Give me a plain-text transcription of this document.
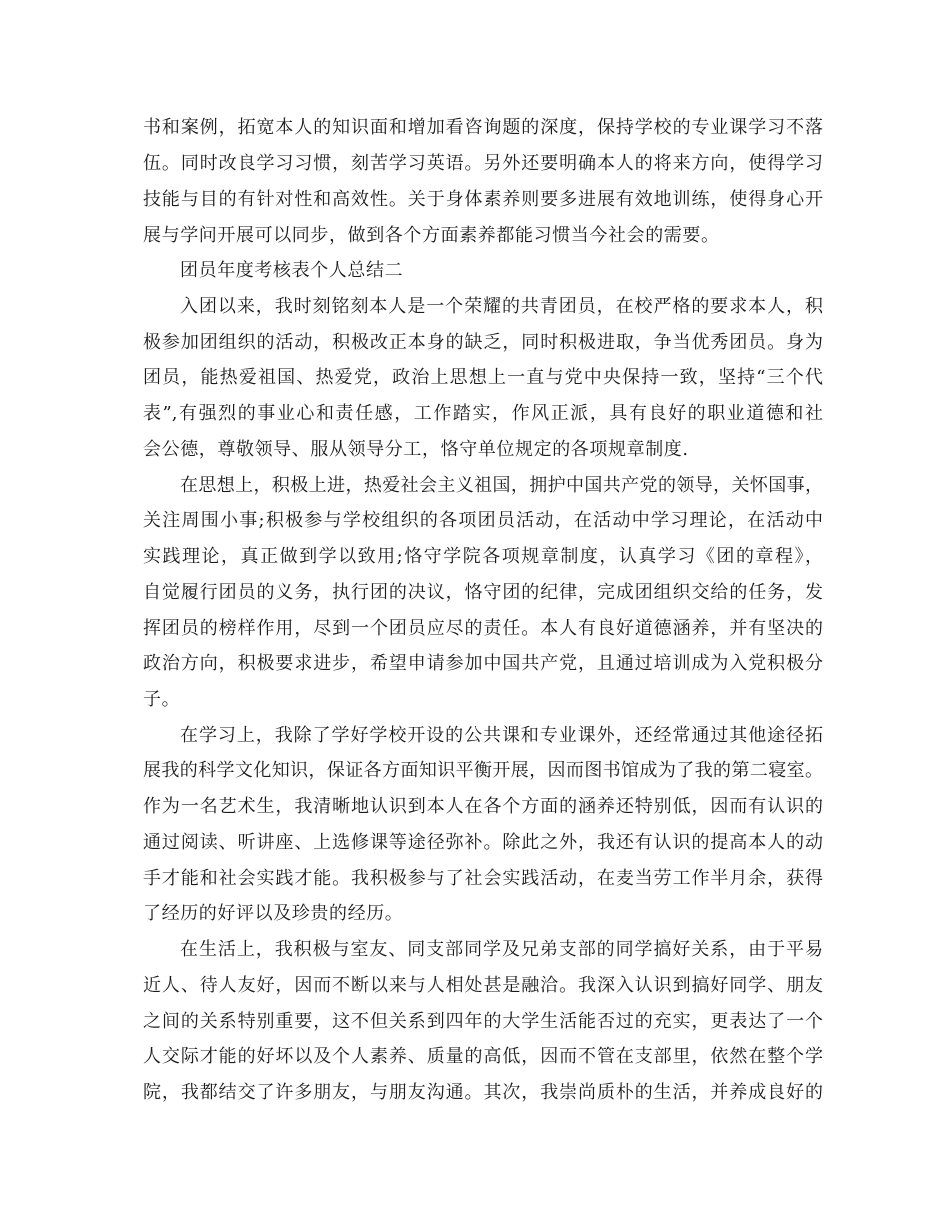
书和案例，拓宽本人的知识面和增加看咨询题的深度，保持学校的专业课学习不落
伍。同时改良学习习惯，刻苦学习英语。另外还要明确本人的将来方向，使得学习
技能与目的有针对性和高效性。关于身体素养则要多进展有效地训练，使得身心开
展与学问开展可以同步，做到各个方面素养都能习惯当今社会的需要。
团员年度考核表个人总结二
入团以来，我时刻铭刻本人是一个荣耀的共青团员，在校严格的要求本人，积
极参加团组织的活动，积极改正本身的缺乏，同时积极进取，争当优秀团员。身为
团员，能热爱祖国、热爱党，政治上思想上一直与党中央保持一致，坚持“三个代
表”,有强烈的事业心和责任感，工作踏实，作风正派，具有良好的职业道德和社
会公德，尊敬领导、服从领导分工，恪守单位规定的各项规章制度.
在思想上，积极上进，热爱社会主义祖国，拥护中国共产党的领导，关怀国事，
关注周围小事;积极参与学校组织的各项团员活动，在活动中学习理论，在活动中
实践理论，真正做到学以致用;恪守学院各项规章制度，认真学习《团的章程》，
自觉履行团员的义务，执行团的决议，恪守团的纪律，完成团组织交给的任务，发
挥团员的榜样作用，尽到一个团员应尽的责任。本人有良好道德涵养，并有坚决的
政治方向，积极要求进步，希望申请参加中国共产党，且通过培训成为入党积极分
子。
在学习上，我除了学好学校开设的公共课和专业课外，还经常通过其他途径拓
展我的科学文化知识，保证各方面知识平衡开展，因而图书馆成为了我的第二寝室。
作为一名艺术生，我清晰地认识到本人在各个方面的涵养还特别低，因而有认识的
通过阅读、听讲座、上选修课等途径弥补。除此之外，我还有认识的提高本人的动
手才能和社会实践才能。我积极参与了社会实践活动，在麦当劳工作半月余，获得
了经历的好评以及珍贵的经历。
在生活上，我积极与室友、同支部同学及兄弟支部的同学搞好关系，由于平易
近人、待人友好，因而不断以来与人相处甚是融洽。我深入认识到搞好同学、朋友
之间的关系特别重要，这不但关系到四年的大学生活能否过的充实，更表达了一个
人交际才能的好坏以及个人素养、质量的高低，因而不管在支部里，依然在整个学
院，我都结交了许多朋友，与朋友沟通。其次，我崇尚质朴的生活，并养成良好的
